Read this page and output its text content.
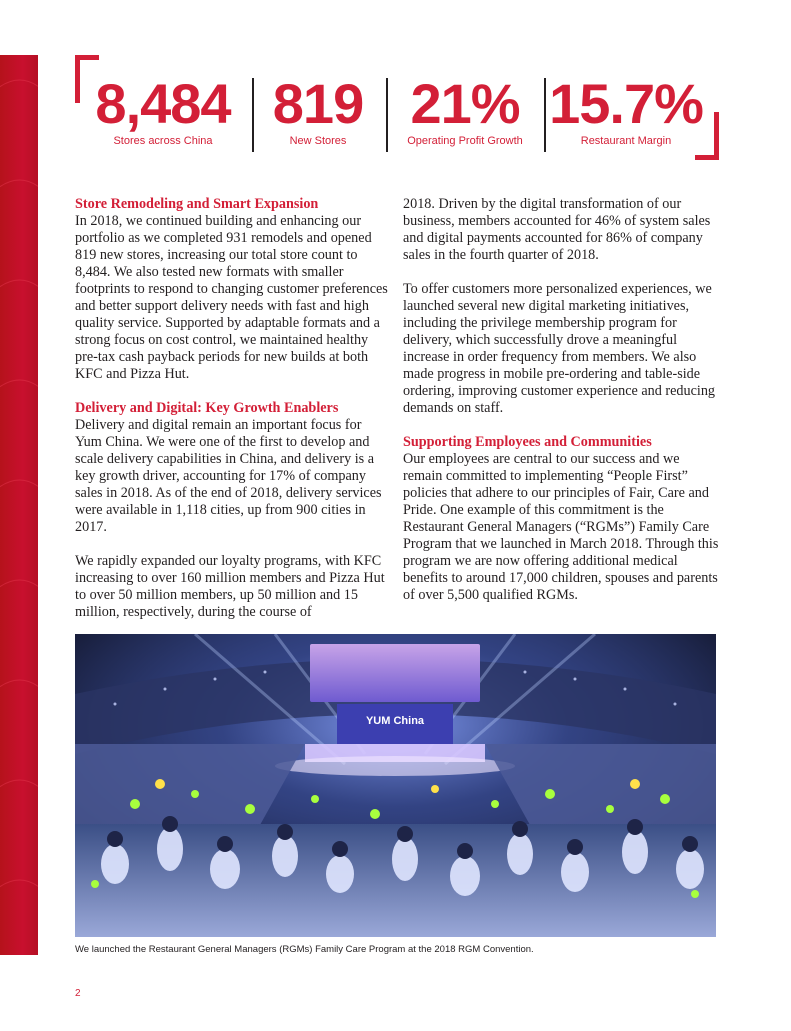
8,484
Stores across China
819
New Stores
21%
Operating Profit Growth
15.7%
Restaurant Margin
Store Remodeling and Smart Expansion

In 2018, we continued building and enhancing our portfolio as we completed 931 remodels and opened 819 new stores, increasing our total store count to 8,484. We also tested new formats with smaller footprints to respond to changing customer preferences and better support delivery needs with fast and high quality service. Supported by adaptable formats and a strong focus on cost control, we maintained healthy pre-tax cash payback periods for new builds at both KFC and Pizza Hut.

Delivery and Digital: Key Growth Enablers

Delivery and digital remain an important focus for Yum China. We were one of the first to develop and scale delivery capabilities in China, and delivery is a key growth driver, accounting for 17% of company sales in 2018. As of the end of 2018, delivery services were available in 1,118 cities, up from 900 cities in 2017.

We rapidly expanded our loyalty programs, with KFC increasing to over 160 million members and Pizza Hut to over 50 million members, up 50 million and 15 million, respectively, during the course of

2018. Driven by the digital transformation of our business, members accounted for 46% of system sales and digital payments accounted for 86% of company sales in the fourth quarter of 2018.

To offer customers more personalized experiences, we launched several new digital marketing initiatives, including the privilege membership program for delivery, which successfully drove a meaningful increase in order frequency from members. We also made progress in mobile pre-ordering and table-side ordering, improving customer experience and reducing demands on staff.

Supporting Employees and Communities

Our employees are central to our success and we remain committed to implementing “People First” policies that adhere to our principles of Fair, Care and Pride. One example of this commitment is the Restaurant General Managers (“RGMs”) Family Care Program that we launched in March 2018. Through this program we are now offering additional medical benefits to around 17,000 children, spouses and parents of over 5,500 qualified RGMs.

YUM China
We launched the Restaurant General Managers (RGMs) Family Care Program at the 2018 RGM Convention.
2
